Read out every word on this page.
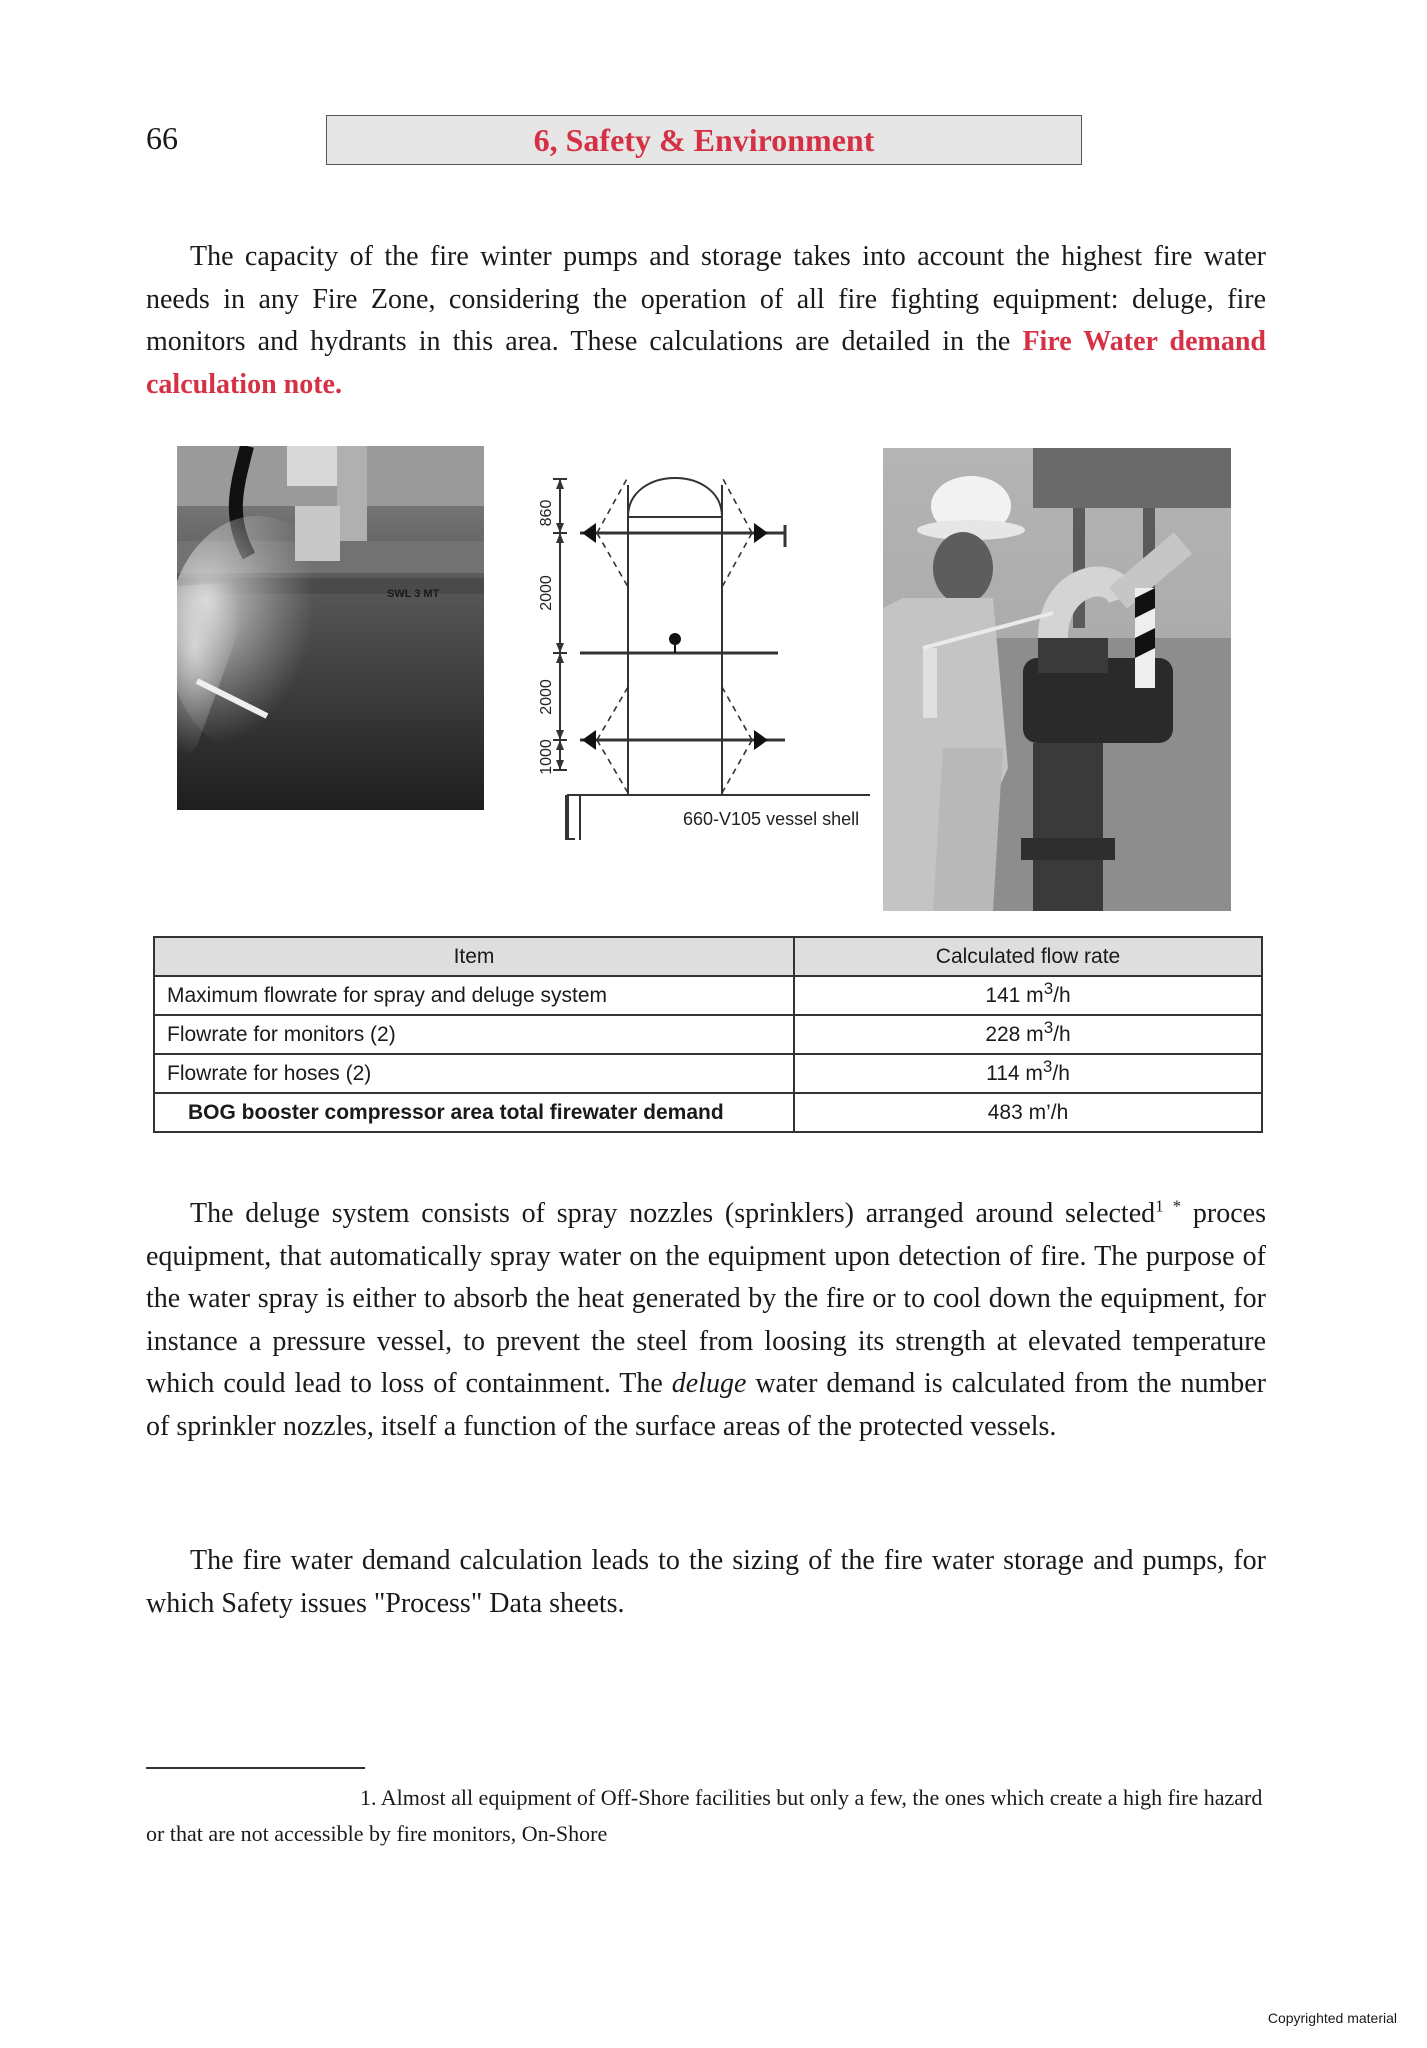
66	6, Safety & Environment

The capacity of the fire winter pumps and storage takes into account the highest fire water needs in any Fire Zone, considering the operation of all fire fighting equipment: deluge, fire monitors and hydrants in this area. These calculations are detailed in the Fire Water demand calculation note.

SWL 3 MT
860
2000
2000
1000
660-V105 vessel shell
Item	Calculated flow rate
Maximum flowrate for spray and deluge system	141 $m^3/h$
Flowrate for monitors (2)	228 $m^3/h$
Flowrate for hoses (2)	114 $m^3/h$
BOG booster compressor area total firewater demand	483 m’/h

The deluge system consists of spray nozzles (sprinklers) arranged around selected$^1$ * proces equipment, that automatically spray water on the equipment upon detection of fire. The purpose of the water spray is either to absorb the heat generated by the fire or to cool down the equipment, for instance a pressure vessel, to prevent the steel from loosing its strength at elevated temperature which could lead to loss of containment. The deluge water demand is calculated from the number of sprinkler nozzles, itself a function of the surface areas of the protected vessels.

The fire water demand calculation leads to the sizing of the fire water storage and pumps, for which Safety issues "Process" Data sheets.

1. Almost all equipment of Off-Shore facilities but only a few, the ones which create a high fire hazard or that are not accessible by fire monitors, On-Shore

Copyrighted material
